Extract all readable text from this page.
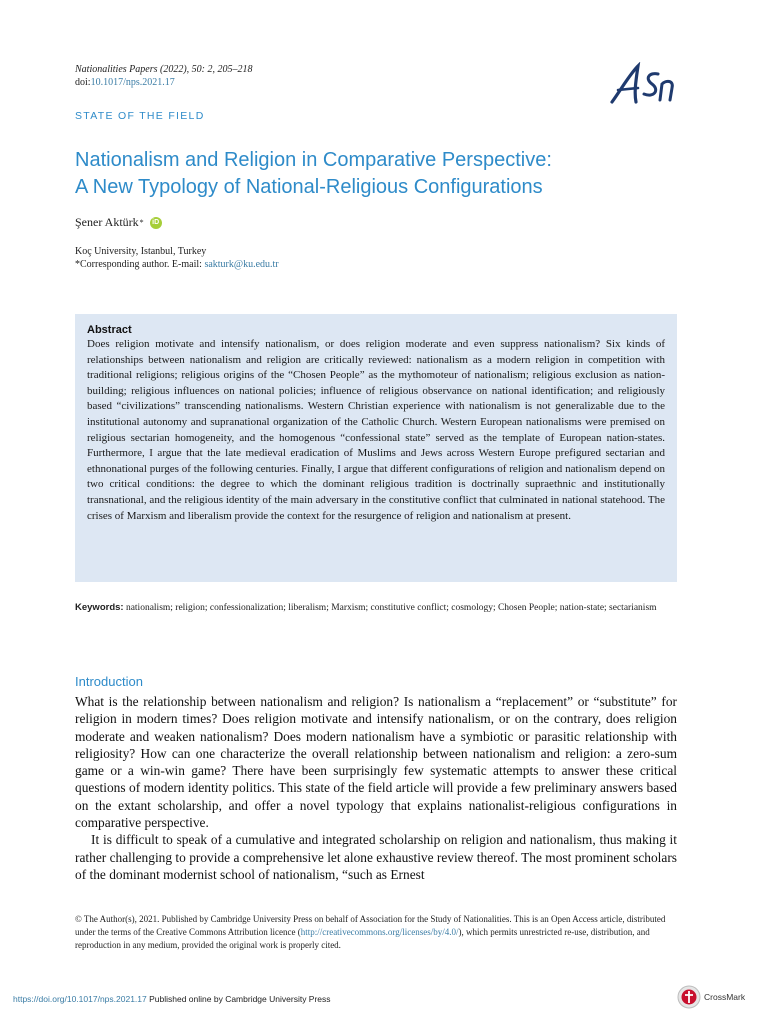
Nationalities Papers (2022), 50: 2, 205–218
doi:10.1017/nps.2021.17
STATE OF THE FIELD
Nationalism and Religion in Comparative Perspective:
A New Typology of National-Religious Configurations
Şener Aktürk *	iD
Koç University, Istanbul, Turkey
*Corresponding author. E-mail: sakturk@ku.edu.tr
Abstract
Does religion motivate and intensify nationalism, or does religion moderate and even suppress nationalism? Six kinds of relationships between nationalism and religion are critically reviewed: nationalism as a modern religion in competition with traditional religions; religious origins of the “Chosen People” as the mythomoteur of nationalism; religious exclusion as nation-building; religious influences on national policies; influence of religious observance on national identification; and religiously based “civilizations” transcending nationalisms. Western Christian experience with nationalism is not generalizable due to the institutional autonomy and supranational organization of the Catholic Church. Western European nationalisms were premised on religious sectarian homogeneity, and the homogenous “confessional state” served as the template of European nation-states. Furthermore, I argue that the late medieval eradication of Muslims and Jews across Western Europe prefigured sectarian and ethnonational purges of the following centuries. Finally, I argue that different configurations of religion and nationalism depend on two critical conditions: the degree to which the dominant religious tradition is doctrinally supraethnic and institutionally transnational, and the religious identity of the main adversary in the constitutive conflict that culminated in national statehood. The crises of Marxism and liberalism provide the context for the resurgence of religion and nationalism at present.
Keywords: nationalism; religion; confessionalization; liberalism; Marxism; constitutive conflict; cosmology; Chosen People; nation-state; sectarianism
Introduction

What is the relationship between nationalism and religion? Is nationalism a “replacement” or “substitute” for religion in modern times? Does religion motivate and intensify nationalism, or on the contrary, does religion moderate and weaken nationalism? Does modern nationalism have a symbiotic or parasitic relationship with religiosity? How can one characterize the overall relationship between nationalism and religion: a zero-sum game or a win-win game? There have been surprisingly few systematic attempts to answer these critical questions of modern identity politics. This state of the field article will provide a few preliminary answers based on the extant scholarship, and offer a novel typology that explains nationalist-religious configurations in comparative perspective.

It is difficult to speak of a cumulative and integrated scholarship on religion and nationalism, thus making it rather challenging to provide a comprehensive let alone exhaustive review thereof. The most prominent scholars of the dominant modernist school of nationalism, “such as Ernest

© The Author(s), 2021. Published by Cambridge University Press on behalf of Association for the Study of Nationalities. This is an Open Access article, distributed under the terms of the Creative Commons Attribution licence (http://creativecommons.org/licenses/by/4.0/), which permits unrestricted re-use, distribution, and reproduction in any medium, provided the original work is properly cited.
https://doi.org/10.1017/nps.2021.17 Published online by Cambridge University Press	CrossMark
